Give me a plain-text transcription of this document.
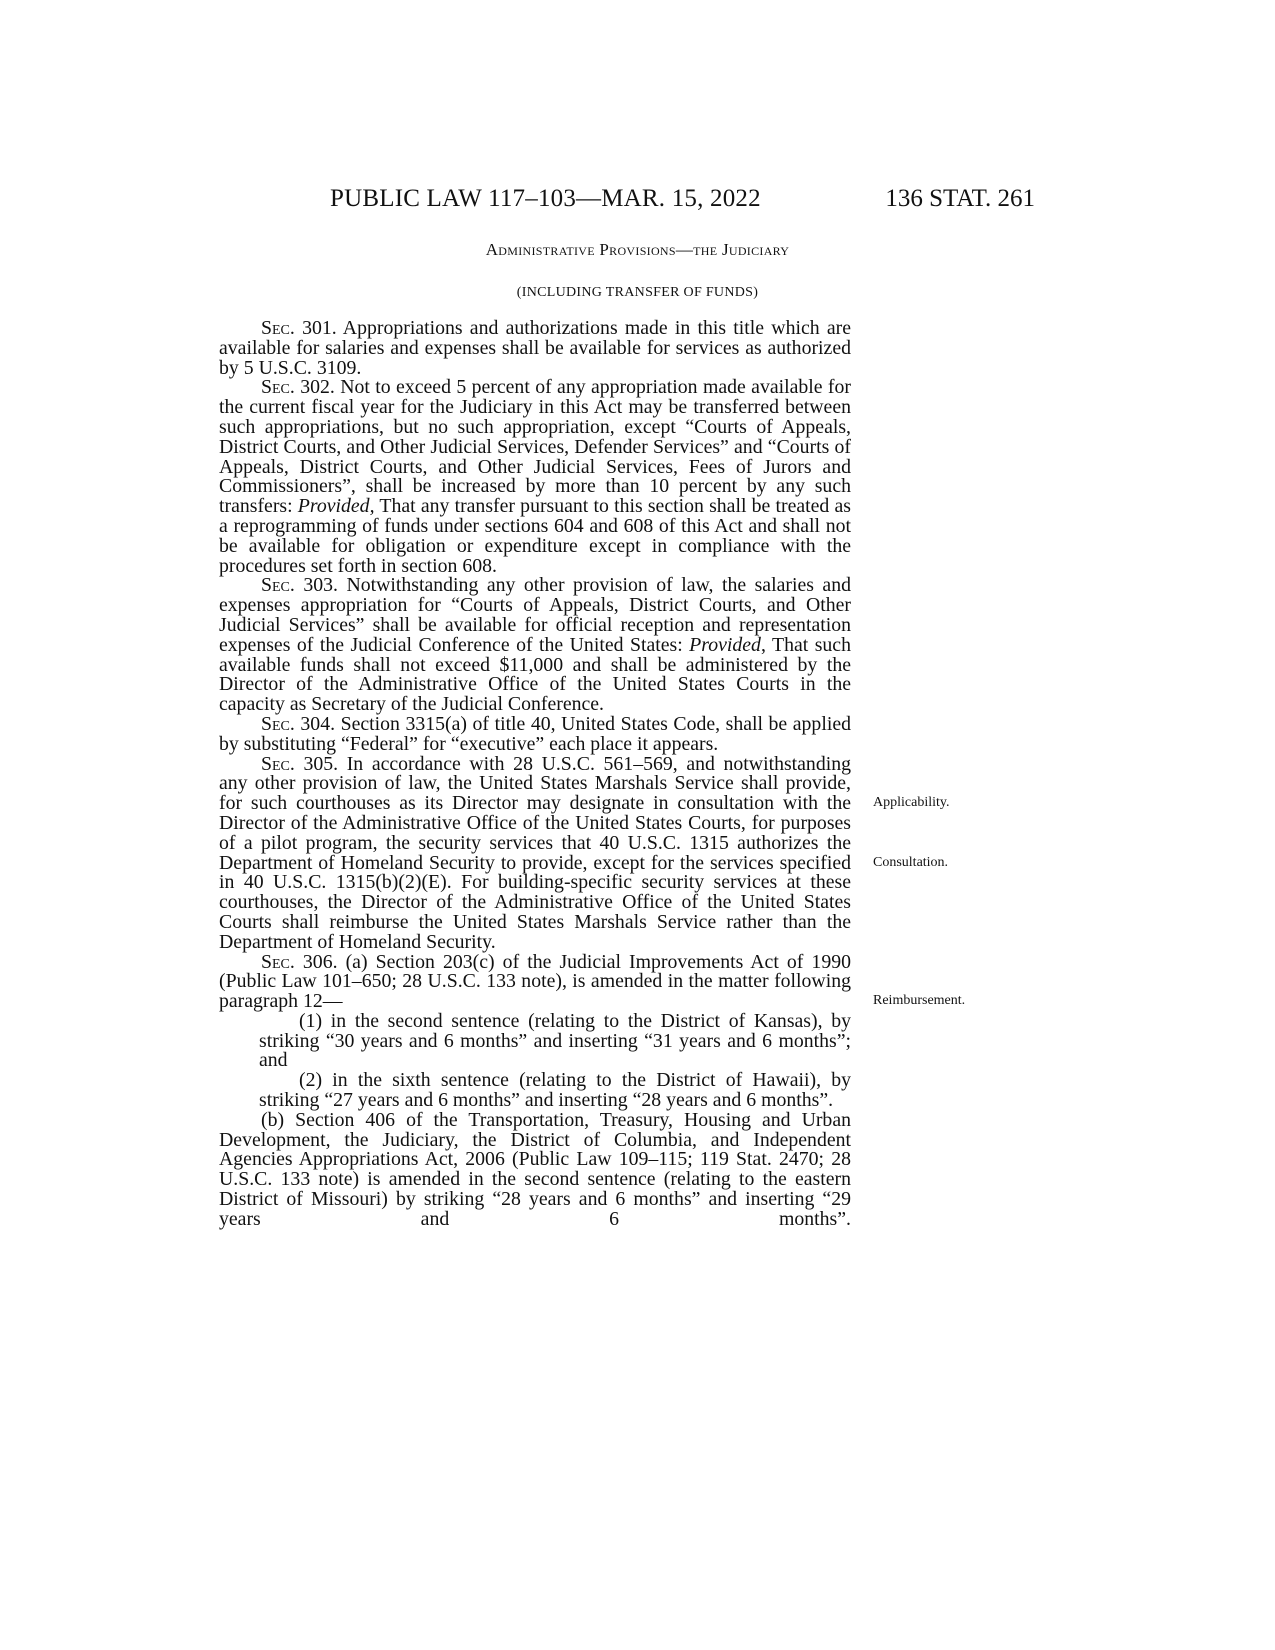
PUBLIC LAW 117–103—MAR. 15, 2022	136 STAT. 261
Administrative Provisions—the Judiciary
(INCLUDING TRANSFER OF FUNDS)

Sec. 301. Appropriations and authorizations made in this title which are available for salaries and expenses shall be available for services as authorized by 5 U.S.C. 3109.

Sec. 302. Not to exceed 5 percent of any appropriation made available for the current fiscal year for the Judiciary in this Act may be transferred between such appropriations, but no such appropriation, except “Courts of Appeals, District Courts, and Other Judicial Services, Defender Services” and “Courts of Appeals, District Courts, and Other Judicial Services, Fees of Jurors and Commissioners”, shall be increased by more than 10 percent by any such transfers: Provided, That any transfer pursuant to this section shall be treated as a reprogramming of funds under sections 604 and 608 of this Act and shall not be available for obligation or expenditure except in compliance with the procedures set forth in section 608.

Sec. 303. Notwithstanding any other provision of law, the salaries and expenses appropriation for “Courts of Appeals, District Courts, and Other Judicial Services” shall be available for official reception and representation expenses of the Judicial Conference of the United States: Provided, That such available funds shall not exceed $11,000 and shall be administered by the Director of the Administrative Office of the United States Courts in the capacity as Secretary of the Judicial Conference.

Sec. 304. Section 3315(a) of title 40, United States Code, shall be applied by substituting “Federal” for “executive” each place it appears.

Sec. 305. In accordance with 28 U.S.C. 561–569, and notwithstanding any other provision of law, the United States Marshals Service shall provide, for such courthouses as its Director may designate in consultation with the Director of the Administrative Office of the United States Courts, for purposes of a pilot program, the security services that 40 U.S.C. 1315 authorizes the Department of Homeland Security to provide, except for the services specified in 40 U.S.C. 1315(b)(2)(E). For building-specific security services at these courthouses, the Director of the Administrative Office of the United States Courts shall reimburse the United States Marshals Service rather than the Department of Homeland Security.

Sec. 306. (a) Section 203(c) of the Judicial Improvements Act of 1990 (Public Law 101–650; 28 U.S.C. 133 note), is amended in the matter following paragraph 12—

(1) in the second sentence (relating to the District of Kansas), by striking “30 years and 6 months” and inserting “31 years and 6 months”; and

(2) in the sixth sentence (relating to the District of Hawaii), by striking “27 years and 6 months” and inserting “28 years and 6 months”.

(b) Section 406 of the Transportation, Treasury, Housing and Urban Development, the Judiciary, the District of Columbia, and Independent Agencies Appropriations Act, 2006 (Public Law 109–115; 119 Stat. 2470; 28 U.S.C. 133 note) is amended in the second sentence (relating to the eastern District of Missouri) by striking “28 years and 6 months” and inserting “29 years and 6 months”.

Applicability.
Consultation.
Reimbursement.
